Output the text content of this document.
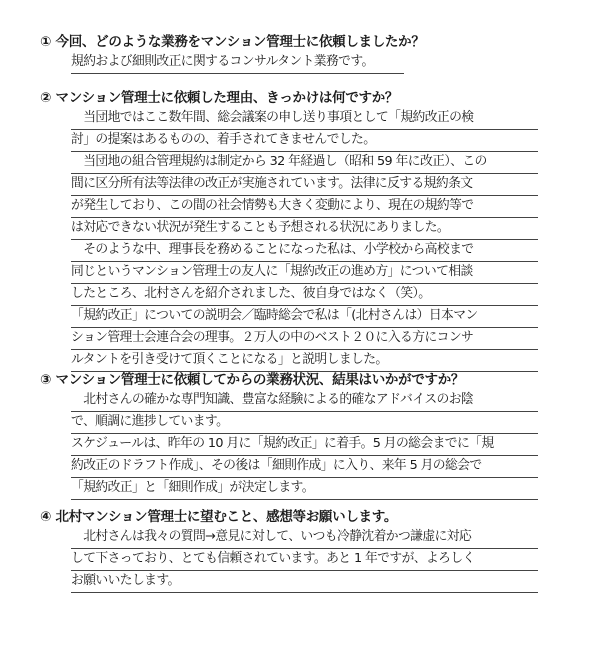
① 今回、どのような業務をマンション管理士に依頼しましたか？

規約および細則改正に関するコンサルタント業務です。

② マンション管理士に依頼した理由、きっかけは何ですか？

　当団地ではここ数年間、総会議案の申し送り事項として「規約改正の検
討」の提案はあるものの、着手されてきませんでした。
　当団地の組合管理規約は制定から 32 年経過し（昭和 59 年に改正）、この
間に区分所有法等法律の改正が実施されています。法律に反する規約条文
が発生しており、この間の社会情勢も大きく変動により、現在の規約等で
は対応できない状況が発生することも予想される状況にありました。
　そのような中、理事長を務めることになった私は、小学校から高校まで
同じというマンション管理士の友人に「規約改正の進め方」について相談
したところ、北村さんを紹介されました、彼自身ではなく（笑）。
「規約改正」についての説明会／臨時総会で私は「(北村さんは）日本マン
ション管理士会連合会の理事。２万人の中のベスト２０に入る方にコンサ
ルタントを引き受けて頂くことになる」と説明しました。

③ マンション管理士に依頼してからの業務状況、結果はいかがですか？

　北村さんの確かな専門知識、豊富な経験による的確なアドバイスのお陰
で、順調に進捗しています。
スケジュールは、昨年の 10 月に「規約改正」に着手。5 月の総会までに「規
約改正のドラフト作成」、その後は「細則作成」に入り、来年 5 月の総会で
「規約改正」と「細則作成」が決定します。

④ 北村マンション管理士に望むこと、感想等お願いします。

　北村さんは我々の質問→意見に対して、いつも冷静沈着かつ謙虚に対応
して下さっており、とても信頼されています。あと 1 年ですが、よろしく
お願いいたします。
